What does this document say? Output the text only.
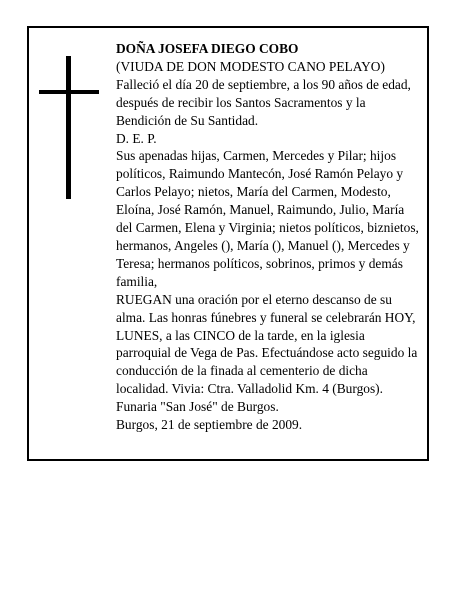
DOÑA JOSEFA DIEGO COBO

(VIUDA DE DON MODESTO CANO PELAYO)

Falleció el día 20 de septiembre, a los 90 años de edad, después de recibir los Santos Sacramentos y la Bendición de Su Santidad.

D. E. P.

Sus apenadas hijas, Carmen, Mercedes y Pilar; hijos políticos, Raimundo Mantecón, José Ramón Pelayo y Carlos Pelayo; nietos, María del Carmen, Modesto, Eloína, José Ramón, Manuel, Raimundo, Julio, María del Carmen, Elena y Virginia; nietos políticos, biznietos, hermanos, Angeles (), María (), Manuel (), Mercedes y Teresa; hermanos políticos, sobrinos, primos y demás familia,

RUEGAN una oración por el eterno descanso de su alma. Las honras fúnebres y funeral se celebrarán HOY, LUNES, a las CINCO de la tarde, en la iglesia parroquial de Vega de Pas. Efectuándose acto seguido la conducción de la finada al cementerio de dicha localidad. Vivia: Ctra. Valladolid Km. 4 (Burgos). Funaria "San José" de Burgos.

Burgos, 21 de septiembre de 2009.
